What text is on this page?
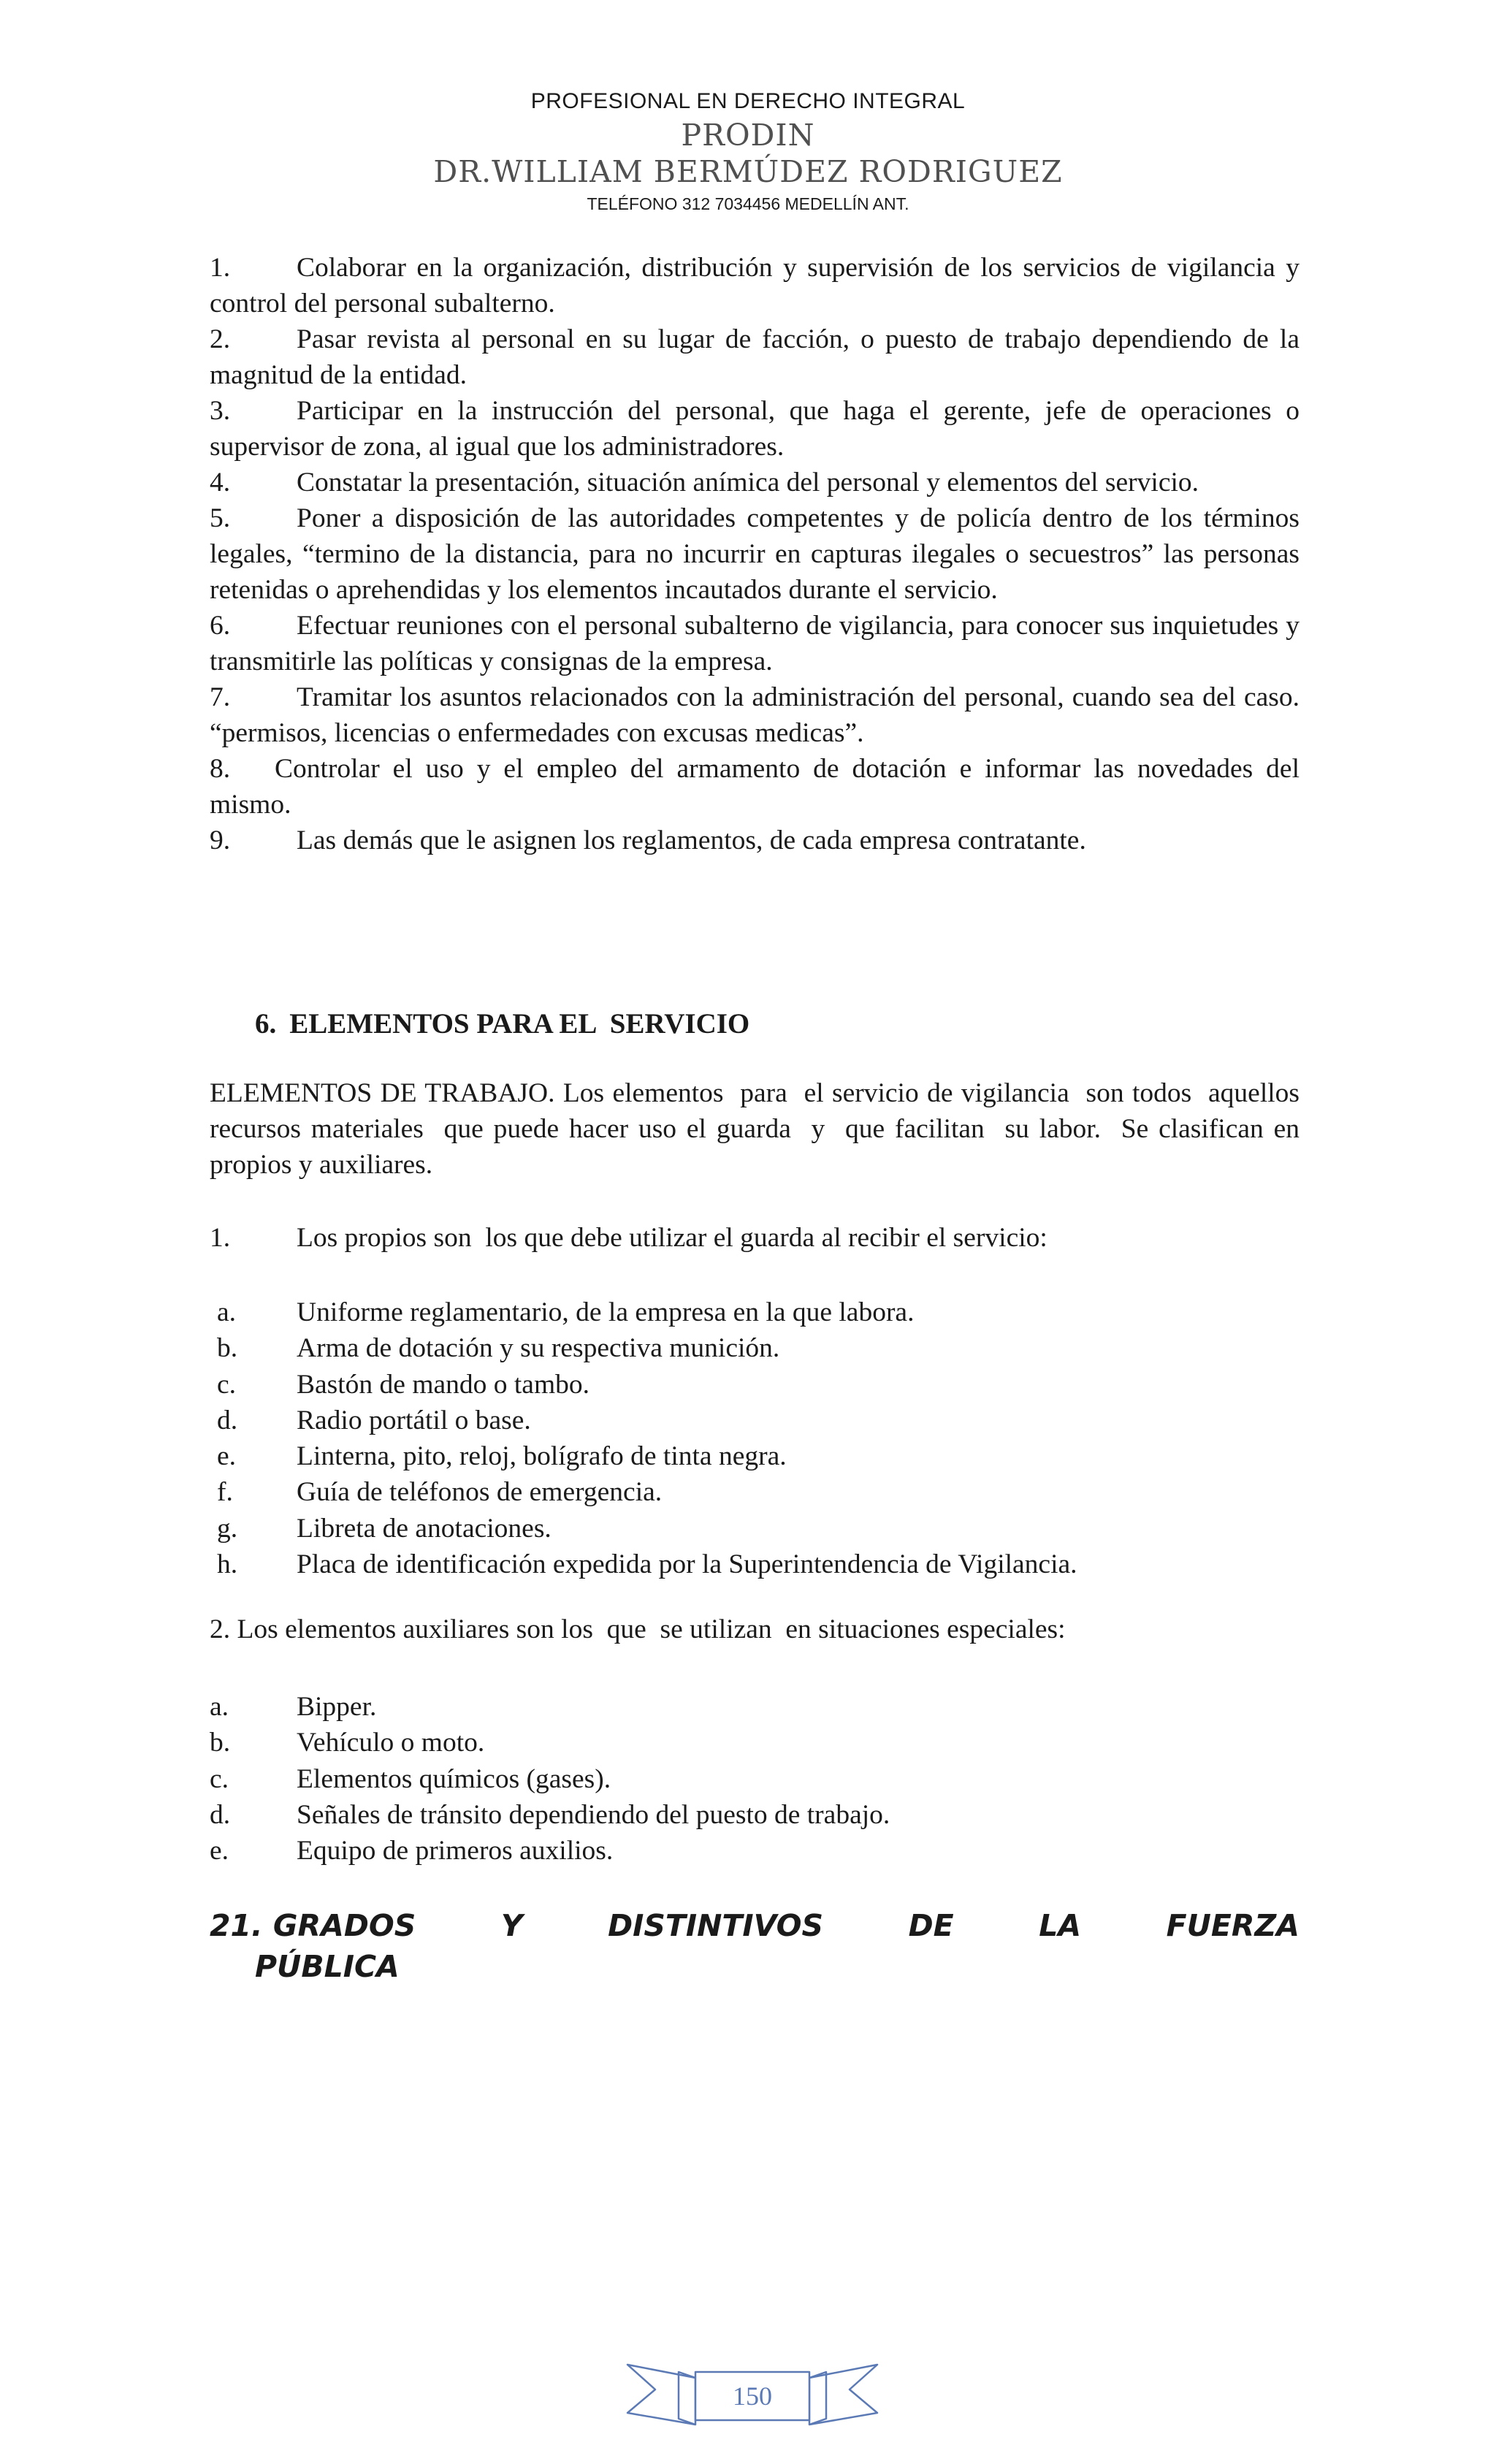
PROFESIONAL EN DERECHO INTEGRAL
PRODIN
DR.WILLIAM BERMÚDEZ RODRIGUEZ
TELÉFONO 312 7034456 MEDELLÍN ANT.

1. Colaborar en la organización, distribución y supervisión de los servicios de vigilancia y control del personal subalterno.

2. Pasar revista al personal en su lugar de facción, o puesto de trabajo dependiendo de la magnitud de la entidad.

3. Participar en la instrucción del personal, que haga el gerente, jefe de operaciones o supervisor de zona, al igual que los administradores.

4. Constatar la presentación, situación anímica del personal y elementos del servicio.

5. Poner a disposición de las autoridades competentes y de policía dentro de los términos legales, “termino de la distancia, para no incurrir en capturas ilegales o secuestros” las personas retenidas o aprehendidas y los elementos incautados durante el servicio.

6. Efectuar reuniones con el personal subalterno de vigilancia, para conocer sus inquietudes y transmitirle las políticas y consignas de la empresa.

7. Tramitar los asuntos relacionados con la administración del personal, cuando sea del caso. “permisos, licencias o enfermedades con excusas medicas”.

8. Controlar el uso y el empleo del armamento de dotación e informar las novedades del mismo.

9. Las demás que le asignen los reglamentos, de cada empresa contratante.

6. ELEMENTOS PARA EL  SERVICIO
ELEMENTOS DE TRABAJO. Los elementos  para  el servicio de vigilancia  son todos  aquellos recursos materiales  que puede hacer uso el guarda  y  que facilitan  su labor.  Se clasifican en propios y auxiliares.
1. Los propios son  los que debe utilizar el guarda al recibir el servicio:
a. Uniforme reglamentario, de la empresa en la que labora.
b. Arma de dotación y su respectiva munición.
c. Bastón de mando o tambo.
d. Radio portátil o base.
e. Linterna, pito, reloj, bolígrafo de tinta negra.
f. Guía de teléfonos de emergencia.
g. Libreta de anotaciones.
h. Placa de identificación expedida por la Superintendencia de Vigilancia.
2. Los elementos auxiliares son los  que  se utilizan  en situaciones especiales:
a. Bipper.
b. Vehículo o moto.
c. Elementos químicos (gases).
d. Señales de tránsito dependiendo del puesto de trabajo.
e. Equipo de primeros auxilios.
21. GRADOS	Y	DISTINTIVOS	DE	LA	FUERZA
PÚBLICA
150
